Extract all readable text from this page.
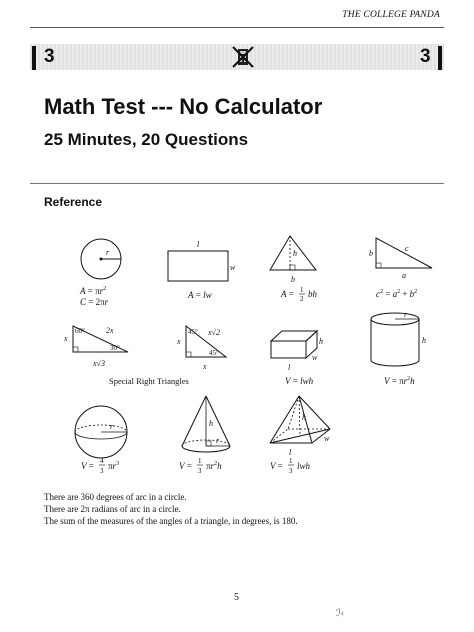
THE COLLEGE PANDA
3	3
Math Test --- No Calculator
25 Minutes, 20 Questions
Reference
r
$A = \pi r^2$
C = 2πr
l
w
A = lw
h
b
A = 1
2 bh
b
a
c
$c^2 = a^2 + b^2$
60°
30°
x
2x
x√3
45°
45°
x
x√2
x
Special Right Triangles
h
w
l
V = lwh
r
h
$V = \pi r^2h$
r
V = 4
3 $\pi r^3$
h
r
V = 1
3 $\pi r^2h$
h
l
w
V = 1
3 lwh
There are 360 degrees of arc in a circle.
There are 2π radians of arc in a circle.
The sum of the measures of the angles of a triangle, in degrees, is 180.
5
ℐ‹
